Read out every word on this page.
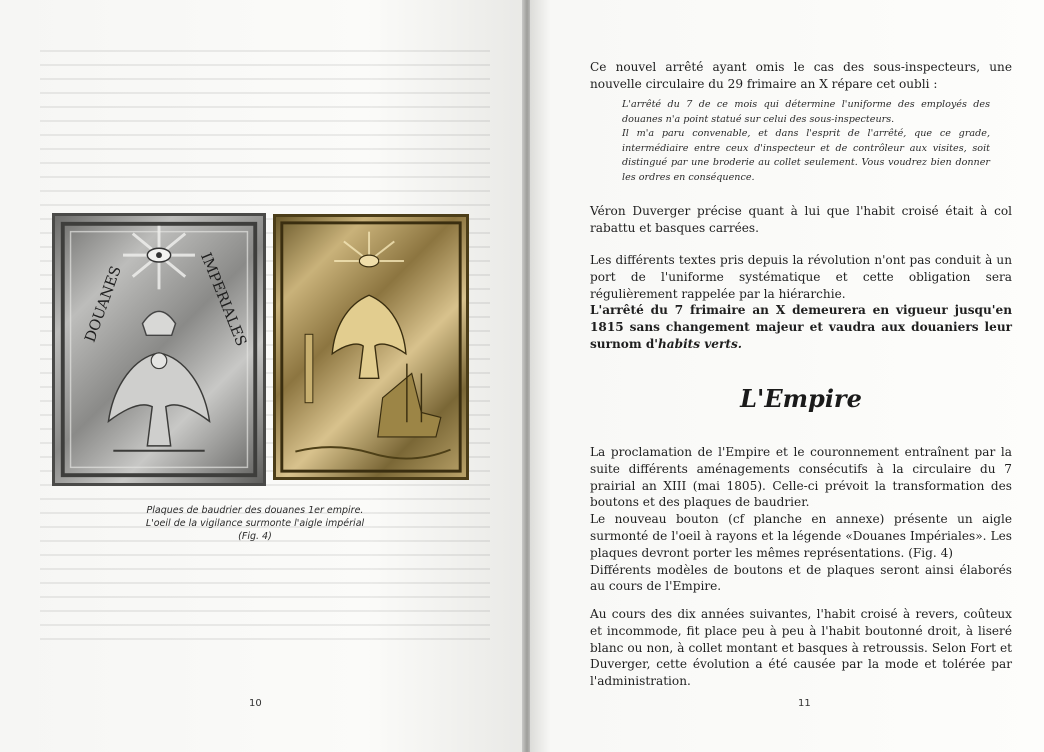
DOUANES	IMPERIALES
Plaques de baudrier des douanes 1er empire.
L'oeil de la vigilance surmonte l'aigle impérial
(Fig. 4)
10

Ce nouvel arrêté ayant omis le cas des sous-inspecteurs, une nouvelle circulaire du 29 frimaire an X répare cet oubli :

L'arrêté du 7 de ce mois qui détermine l'uniforme des employés des douanes n'a point statué sur celui des sous-inspecteurs.

Il m'a paru convenable, et dans l'esprit de l'arrêté, que ce grade, intermédiaire entre ceux d'inspecteur et de contrôleur aux visites, soit distingué par une broderie au collet seulement. Vous voudrez bien donner les ordres en conséquence.

Véron Duverger précise quant à lui que l'habit croisé était à col rabattu et basques carrées.

Les différents textes pris depuis la révolution n'ont pas conduit à un port de l'uniforme systématique et cette obligation sera régulièrement rappelée par la hiérarchie.

L'arrêté du 7 frimaire an X demeurera en vigueur jusqu'en 1815 sans changement majeur et vaudra aux douaniers leur surnom d'habits verts.

L'Empire

La proclamation de l'Empire et le couronnement entraînent par la suite différents aménagements consécutifs à la circulaire du 7 prairial an XIII (mai 1805). Celle-ci prévoit la transformation des boutons et des plaques de baudrier.

Le nouveau bouton (cf planche en annexe) présente un aigle surmonté de l'oeil à rayons et la légende «Douanes Impériales». Les plaques devront porter les mêmes représentations. (Fig. 4)

Différents modèles de boutons et de plaques seront ainsi élaborés au cours de l'Empire.

Au cours des dix années suivantes, l'habit croisé à revers, coûteux et incommode, fit place peu à peu à l'habit boutonné droit, à liseré blanc ou non, à collet montant et basques à retroussis. Selon Fort et Duverger, cette évolution a été causée par la mode et tolérée par l'administration.

11
